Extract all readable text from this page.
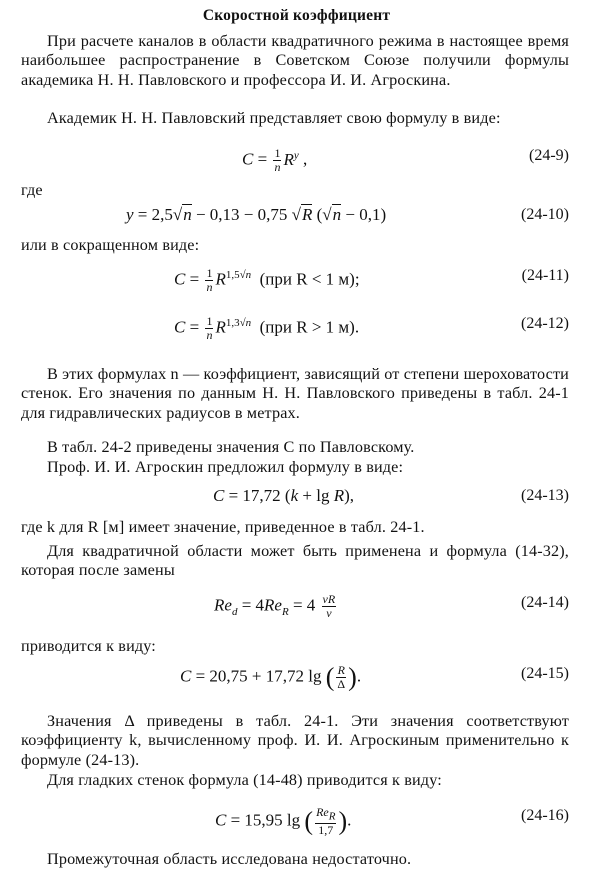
Скоростной коэффициент

При расчете каналов в области квадратичного режима в настоящее время наибольшее распространение в Советском Союзе получили формулы академика Н. Н. Павловского и профессора И. И. Агроскина.

Академик Н. Н. Павловский представляет свою формулу в виде:

$C = \frac{1}{n} R^y$ ,	(24-9)

где

y = 2,5√n − 0,13 − 0,75 √R (√n − 0,1)	(24-10)

или в сокращенном виде:

$C = \frac{1}{n} R^{1,5√n}$ (при R < 1 м);	(24-11)
$C = \frac{1}{n} R^{1,3√n}$ (при R > 1 м).	(24-12)

В этих формулах n — коэффициент, зависящий от степени шероховатости стенок. Его значения по данным Н. Н. Павловского приведены в табл. 24-1 для гидравлических радиусов в метрах.

В табл. 24-2 приведены значения C по Павловскому.

Проф. И. И. Агроскин предложил формулу в виде:

C = 17,72 (k + lg R),	(24-13)

где k для R [м] имеет значение, приведенное в табл. 24-1.

Для квадратичной области может быть применена и формула (14-32), которая после замены

$Re_d = 4Re_R = 4 \frac{vR}{\nu}$	(24-14)

приводится к виду:

C = 20,75 + 17,72 lg ( $\frac{R}{\Delta}$ ).	(24-15)

Значения Δ приведены в табл. 24-1. Эти значения соответствуют коэффициенту k, вычисленному проф. И. И. Агроскиным применительно к формуле (24-13).

Для гладких стенок формула (14-48) приводится к виду:

C = 15,95 lg ( $\frac{Re_R}{1,7}$ ).	(24-16)

Промежуточная область исследована недостаточно.
